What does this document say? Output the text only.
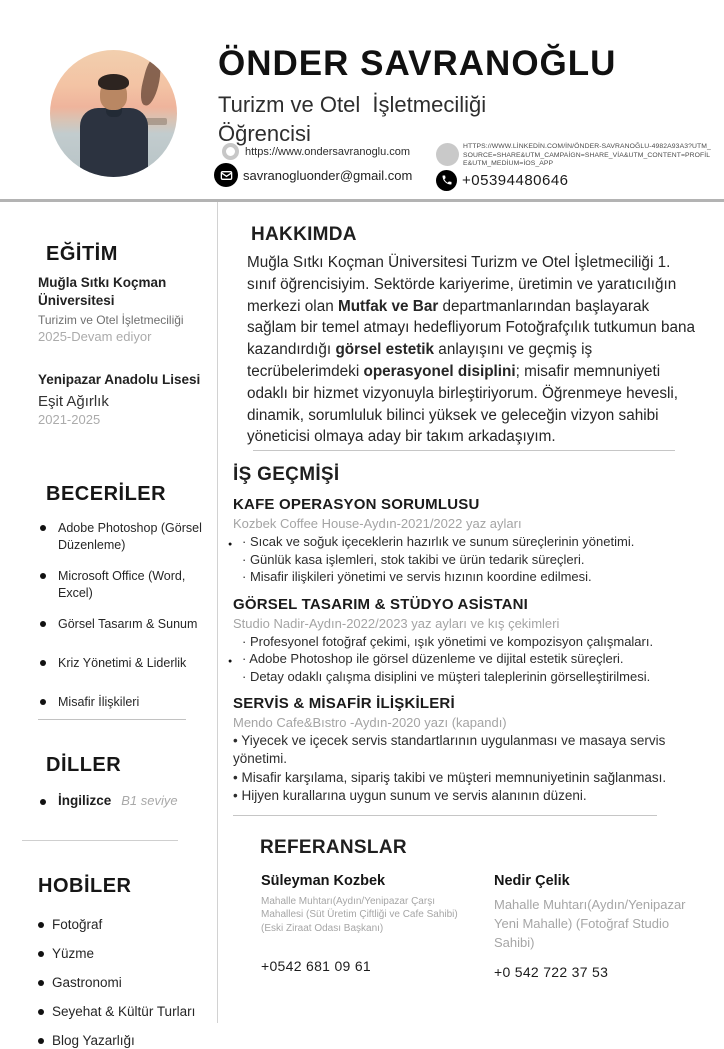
ÖNDER SAVRANOĞLU
Turizm ve Otel  İşletmeciliği
Öğrencisi
https://www.ondersavranoglu.com
savranogluonder@gmail.com
HTTPS://WWW.LİNKEDİN.COM/İN/ÖNDER-SAVRANOĞLU-4982A93A3?UTM_SOURCE=SHARE&UTM_CAMPAİGN=SHARE_VİA&UTM_CONTENT=PROFİLE&UTM_MEDİUM=İOS_APP
+05394480646
EĞİTİM
Muğla Sıtkı Koçman Üniversitesi
Turizim ve Otel İşletmeciliği
2025-Devam ediyor
Yenipazar Anadolu Lisesi
Eşit Ağırlık
2021-2025
BECERİLER
Adobe Photoshop (Görsel Düzenleme)
Microsoft Office (Word, Excel)
Görsel Tasarım & Sunum
Kriz Yönetimi & Liderlik
Misafir İlişkileri
DİLLER
İngilizce B1 seviye
HOBİLER
Fotoğraf
Yüzme
Gastronomi
Seyehat & Kültür Turları
Blog Yazarlığı
HAKKIMDA

Muğla Sıtkı Koçman Üniversitesi Turizm ve Otel İşletmeciliği 1. sınıf öğrencisiyim. Sektörde kariyerime, üretimin ve yaratıcılığın merkezi olan Mutfak ve Bar departmanlarından başlayarak sağlam bir temel atmayı hedefliyorum Fotoğrafçılık tutkumun bana kazandırdığı görsel estetik anlayışını ve geçmiş iş tecrübelerimdeki operasyonel disiplini; misafir memnuniyeti odaklı bir hizmet vizyonuyla birleştiriyorum. Öğrenmeye hevesli, dinamik, sorumluluk bilinci yüksek ve geleceğin vizyon sahibi yöneticisi olmaya aday bir takım arkadaşıyım.

İŞ GEÇMİŞİ
KAFE OPERASYON SORUMLUSU
Kozbek Coffee House-Aydın-2021/2022 yaz ayları
● · Sıcak ve soğuk içeceklerin hazırlık ve sunum süreçlerinin yönetimi.
· Günlük kasa işlemleri, stok takibi ve ürün tedarik süreçleri.
· Misafir ilişkileri yönetimi ve servis hızının koordine edilmesi.
GÖRSEL TASARIM & STÜDYO ASİSTANI
Studio Nadir-Aydın-2022/2023 yaz ayları ve kış çekimleri
· Profesyonel fotoğraf çekimi, ışık yönetimi ve kompozisyon çalışmaları.
● · Adobe Photoshop ile görsel düzenleme ve dijital estetik süreçleri.
· Detay odaklı çalışma disiplini ve müşteri taleplerinin görselleştirilmesi.
SERVİS & MİSAFİR İLİŞKİLERİ
Mendo Cafe&Bıstro -Aydın-2020 yazı (kapandı)
• Yiyecek ve içecek servis standartlarının uygulanması ve masaya servis yönetimi.
• Misafir karşılama, sipariş takibi ve müşteri memnuniyetinin sağlanması.
• Hijyen kurallarına uygun sunum ve servis alanının düzeni.
REFERANSLAR
Süleyman Kozbek
Mahalle Muhtarı(Aydın/Yenipazar Çarşı Mahallesi (Süt Üretim Çiftliği ve Cafe Sahibi)(Eski Ziraat Odası Başkanı)
+0542 681 09 61
Nedir Çelik
Mahalle Muhtarı(Aydın/Yenipazar Yeni Mahalle) (Fotoğraf Studio Sahibi)
+0 542 722 37 53
